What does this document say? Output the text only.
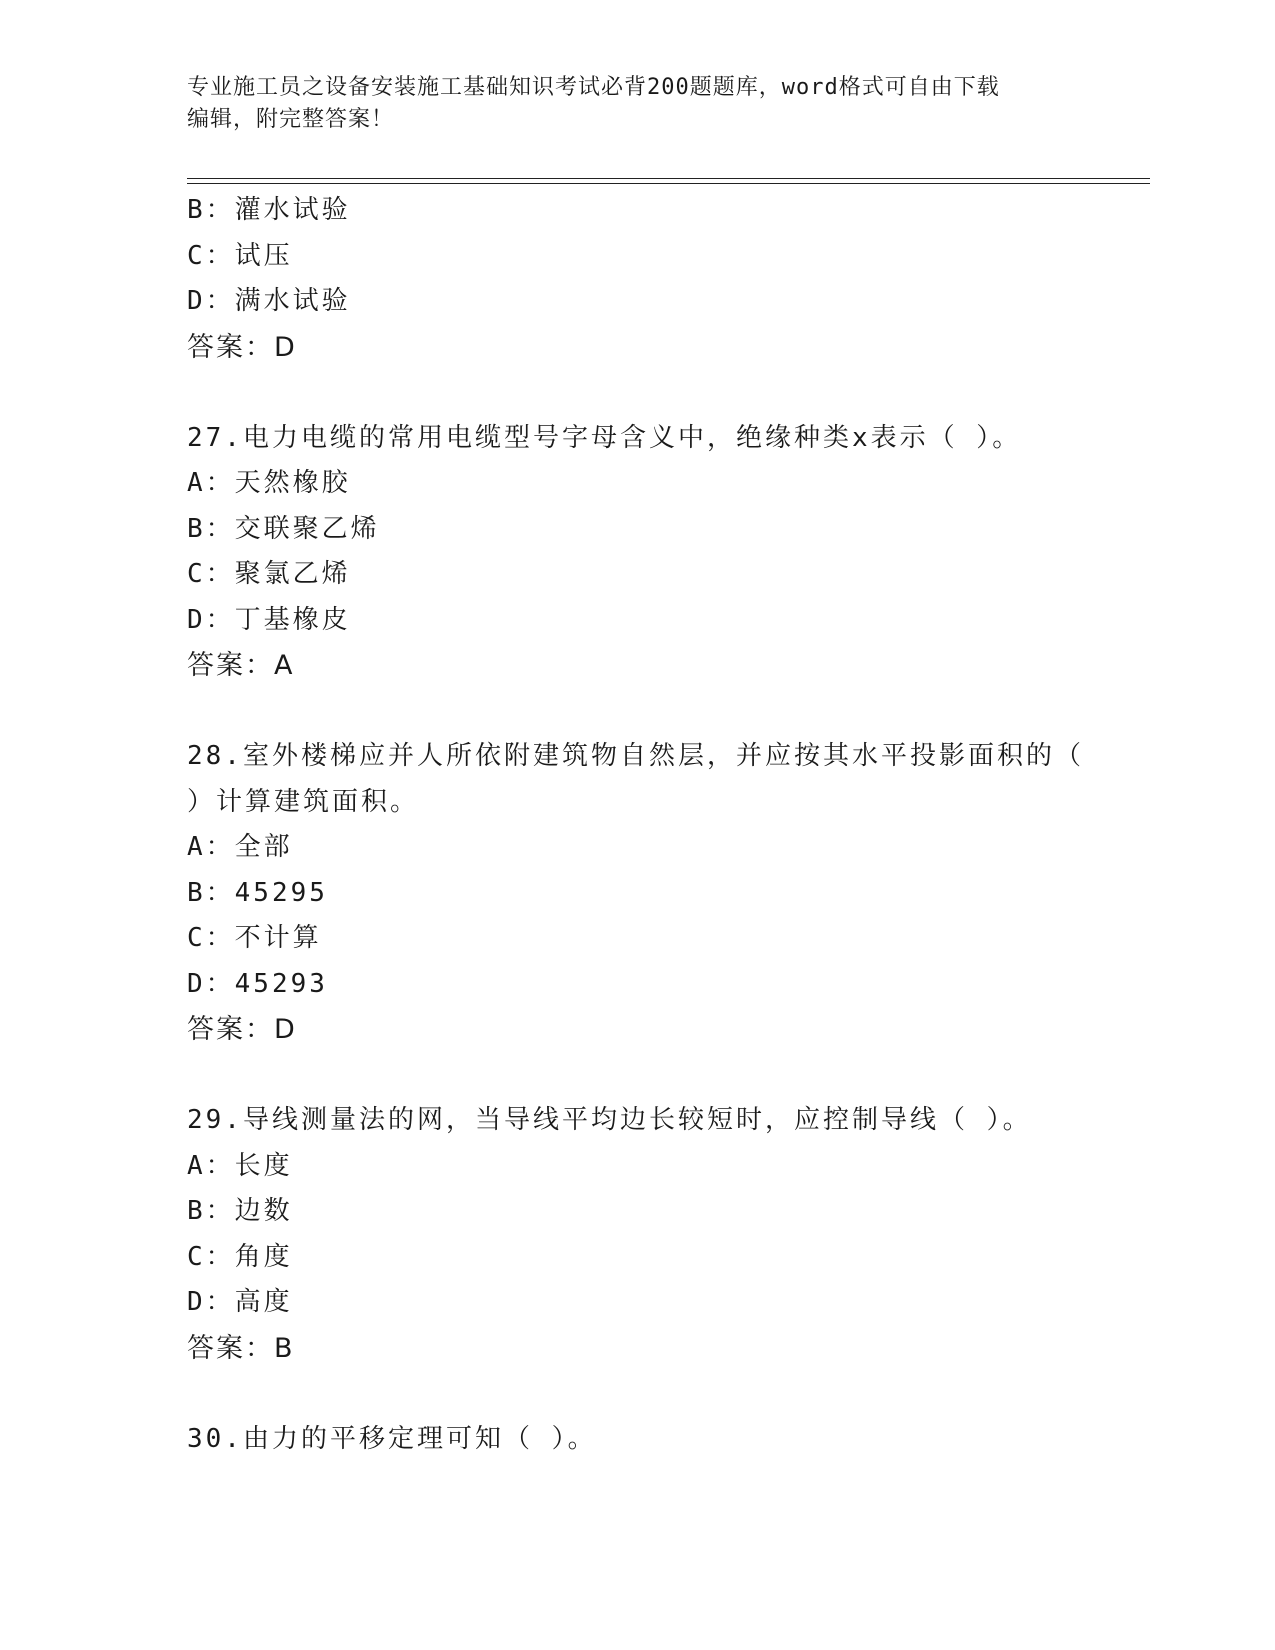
专业施工员之设备安装施工基础知识考试必背200题题库，word格式可自由下载
编辑，附完整答案！
B：灌水试验
C：试压
D：满水试验
答案：D
27.电力电缆的常用电缆型号字母含义中，绝缘种类x表示（ ）。
A：天然橡胶
B：交联聚乙烯
C：聚氯乙烯
D：丁基橡皮
答案：A
28.室外楼梯应并人所依附建筑物自然层，并应按其水平投影面积的（
）计算建筑面积。
A：全部
B：45295
C：不计算
D：45293
答案：D
29.导线测量法的网，当导线平均边长较短时，应控制导线（ ）。
A：长度
B：边数
C：角度
D：高度
答案：B
30.由力的平移定理可知（ ）。
